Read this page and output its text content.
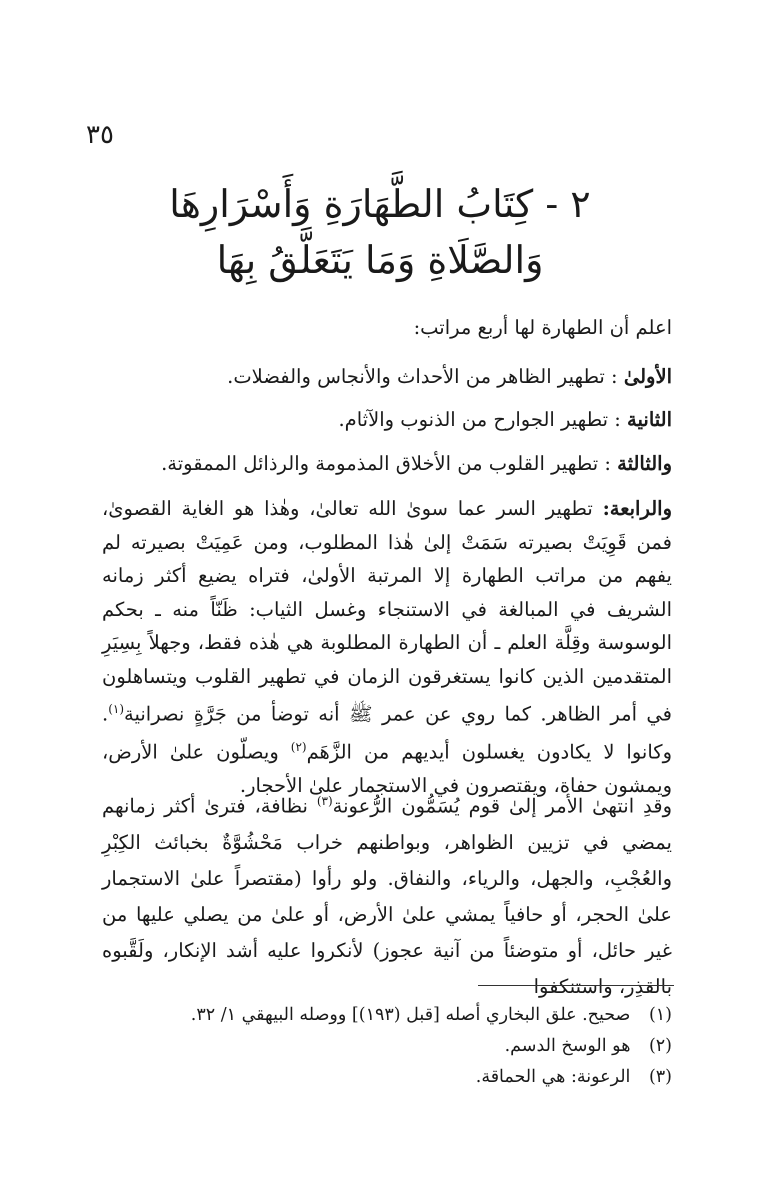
٣٥
٢ - كِتَابُ الطَّهَارَةِ وَأَسْرَارِهَا
وَالصَّلَاةِ وَمَا يَتَعَلَّقُ بِهَا
اعلم أن الطهارة لها أربع مراتب:
الأولىٰ : تطهير الظاهر من الأحداث والأنجاس والفضلات.
الثانية : تطهير الجوارح من الذنوب والآثام.
والثالثة : تطهير القلوب من الأخلاق المذمومة والرذائل الممقوتة.
والرابعة: تطهير السر عما سوىٰ الله تعالىٰ، وهٰذا هو الغاية القصوىٰ، فمن قَوِيَتْ بصيرته سَمَتْ إلىٰ هٰذا المطلوب، ومن عَمِيَتْ بصيرته لم يفهم من مراتب الطهارة إلا المرتبة الأولىٰ، فتراه يضيع أكثر زمانه الشريف في المبالغة في الاستنجاء وغسل الثياب: ظَنّاً منه ـ بحكم الوسوسة وقِلَّة العلم ـ أن الطهارة المطلوبة هي هٰذه فقط، وجهلاً بِسِيَرِ المتقدمين الذين كانوا يستغرقون الزمان في تطهير القلوب ويتساهلون في أمر الظاهر. كما روي عن عمر ﷺ أنه توضأ من جَرَّةٍ نصرانية$^{(١)}$. وكانوا لا يكادون يغسلون أيديهم من الزَّهَم$^{(٢)}$ ويصلّون علىٰ الأرض، ويمشون حفاة، ويقتصرون في الاستجمار علىٰ الأحجار.
وقدِ انتهىٰ الأمر إلىٰ قوم يُسَمُّون الرُّعونة$^{(٣)}$ نظافة، فترىٰ أكثر زمانهم يمضي في تزيين الظواهر، وبواطنهم خراب مَحْشُوَّةٌ بخبائث الكِبْرِ والعُجْبِ، والجهل، والرياء، والنفاق. ولو رأوا (مقتصراً علىٰ الاستجمار علىٰ الحجر، أو حافياً يمشي علىٰ الأرض، أو علىٰ من يصلي عليها من غير حائل، أو متوضئاً من آنية عجوز) لأنكروا عليه أشد الإنكار، ولَقَّبوه بالقذِر، واستنكفوا
(١) صحيح. علق البخاري أصله [قبل (١٩٣)] ووصله البيهقي ١/ ٣٢.
(٢) هو الوسخ الدسم.
(٣) الرعونة: هي الحماقة.
